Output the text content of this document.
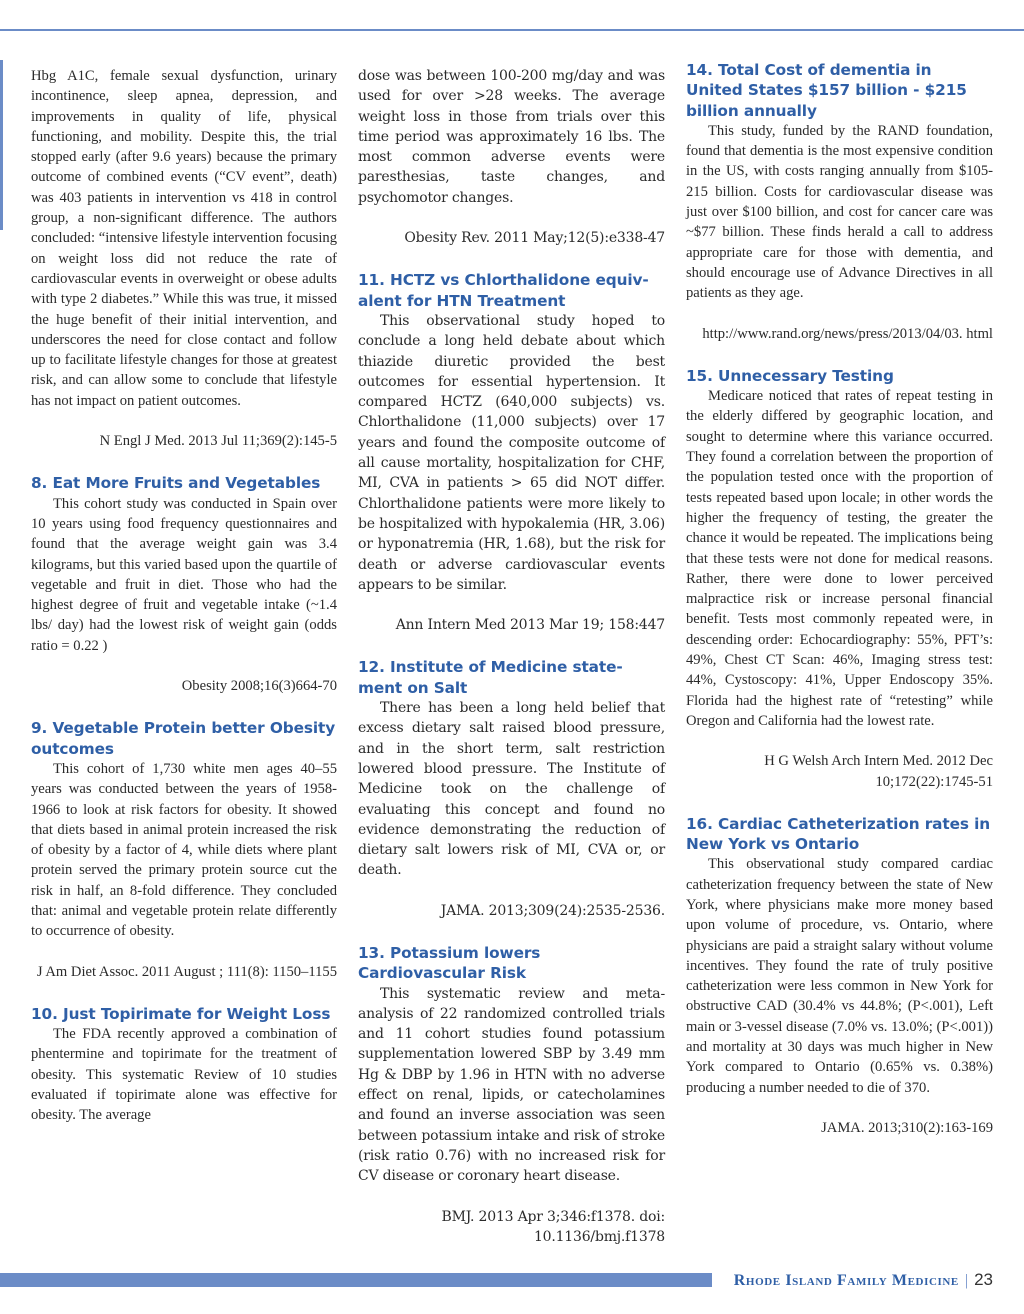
Hbg A1C, female sexual dysfunction, urinary incontinence, sleep apnea, depression, and improvements in quality of life, physical functioning, and mobility. Despite this, the trial stopped early (after 9.6 years) because the primary outcome of combined events (“CV event”, death) was 403 patients in intervention vs 418 in control group, a non-significant difference. The authors concluded: “intensive lifestyle intervention focusing on weight loss did not reduce the rate of cardiovascular events in overweight or obese adults with type 2 diabetes.” While this was true, it missed the huge benefit of their initial intervention, and underscores the need for close contact and follow up to facilitate lifestyle changes for those at greatest risk, and can allow some to conclude that lifestyle has not impact on patient outcomes.

N Engl J Med. 2013 Jul 11;369(2):145-5

8. Eat More Fruits and Vegetables

This cohort study was conducted in Spain over 10 years using food frequency questionnaires and found that the average weight gain was 3.4 kilograms, but this varied based upon the quartile of vegetable and fruit in diet. Those who had the highest degree of fruit and vegetable intake (~1.4 lbs/ day) had the lowest risk of weight gain (odds ratio = 0.22 )

Obesity 2008;16(3)664-70

9. Vegetable Protein better Obesity outcomes

This cohort of 1,730 white men ages 40–55 years was conducted between the years of 1958-1966 to look at risk factors for obesity. It showed that diets based in animal protein increased the risk of obesity by a factor of 4, while diets where plant protein served the primary protein source cut the risk in half, an 8-fold difference. They concluded that: animal and vegetable protein relate differently to occurrence of obesity.

J Am Diet Assoc. 2011 August ; 111(8): 1150–1155

10. Just Topirimate for Weight Loss

The FDA recently approved a combination of phentermine and topirimate for the treatment of obesity. This systematic Review of 10 studies evaluated if topirimate alone was effective for obesity. The average

dose was between 100-200 mg/day and was used for over >28 weeks. The average weight loss in those from trials over this time period was approximately 16 lbs. The most common adverse events were paresthesias, taste changes, and psychomotor changes.

Obesity Rev. 2011 May;12(5):e338-47

11. HCTZ vs Chlorthalidone equiv-alent for HTN Treatment

This observational study hoped to conclude a long held debate about which thiazide diuretic provided the best outcomes for essential hypertension. It compared HCTZ (640,000 subjects) vs. Chlorthalidone (11,000 subjects) over 17 years and found the composite outcome of all cause mortality, hospitalization for CHF, MI, CVA in patients > 65 did NOT differ. Chlorthalidone patients were more likely to be hospitalized with hypokalemia (HR, 3.06) or hyponatremia (HR, 1.68), but the risk for death or adverse cardiovascular events appears to be similar.

Ann Intern Med 2013 Mar 19; 158:447

12. Institute of Medicine state-ment on Salt

There has been a long held belief that excess dietary salt raised blood pressure, and in the short term, salt restriction lowered blood pressure. The Institute of Medicine took on the challenge of evaluating this concept and found no evidence demonstrating the reduction of dietary salt lowers risk of MI, CVA or, or death.

JAMA. 2013;309(24):2535-2536.

13. Potassium lowers Cardiovascular Risk

This systematic review and meta-analysis of 22 randomized controlled trials and 11 cohort studies found potassium supplementation lowered SBP by 3.49 mm Hg & DBP by 1.96 in HTN with no adverse effect on renal, lipids, or catecholamines and found an inverse association was seen between potassium intake and risk of stroke (risk ratio 0.76) with no increased risk for CV disease or coronary heart disease.

BMJ. 2013 Apr 3;346:f1378. doi: 10.1136/bmj.f1378

14. Total Cost of dementia in United States $157 billion - $215 billion annually

This study, funded by the RAND foundation, found that dementia is the most expensive condition in the US, with costs ranging annually from $105-215 billion. Costs for cardiovascular disease was just over $100 billion, and cost for cancer care was ~$77 billion. These finds herald a call to address appropriate care for those with dementia, and should encourage use of Advance Directives in all patients as they age.

http://www.rand.org/news/press/2013/04/03. html

15. Unnecessary Testing

Medicare noticed that rates of repeat testing in the elderly differed by geographic location, and sought to determine where this variance occurred. They found a correlation between the proportion of the population tested once with the proportion of tests repeated based upon locale; in other words the higher the frequency of testing, the greater the chance it would be repeated. The implications being that these tests were not done for medical reasons. Rather, there were done to lower perceived malpractice risk or increase personal financial benefit. Tests most commonly repeated were, in descending order: Echocardiography: 55%, PFT’s: 49%, Chest CT Scan: 46%, Imaging stress test: 44%, Cystoscopy: 41%, Upper Endoscopy 35%. Florida had the highest rate of “retesting” while Oregon and California had the lowest rate.

H G Welsh Arch Intern Med. 2012 Dec 10;172(22):1745-51

16. Cardiac Catheterization rates in New York vs Ontario

This observational study compared cardiac catheterization frequency between the state of New York, where physicians make more money based upon volume of procedure, vs. Ontario, where physicians are paid a straight salary without volume incentives. They found the rate of truly positive catheterization were less common in New York for obstructive CAD (30.4% vs 44.8%; (P<.001), Left main or 3-vessel disease (7.0% vs. 13.0%; (P<.001)) and mortality at 30 days was much higher in New York compared to Ontario (0.65% vs. 0.38%) producing a number needed to die of 370.

JAMA. 2013;310(2):163-169

Rhode Island Family Medicine | 23
